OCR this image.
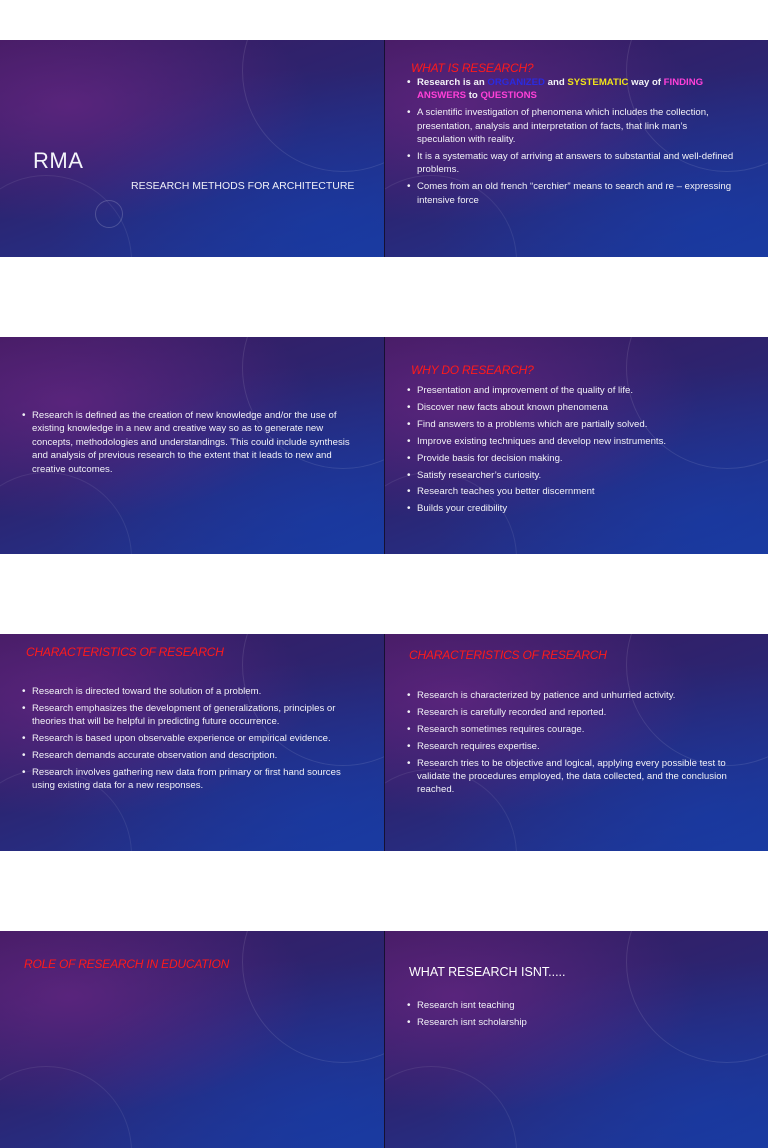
RMA
RESEARCH METHODS FOR ARCHITECTURE
WHAT IS RESEARCH?
• Research is an ORGANIZED and SYSTEMATIC way of FINDING ANSWERS to QUESTIONS
• A scientific investigation of phenomena which includes the collection, presentation, analysis and interpretation of facts, that link man’s speculation with reality.
• It is a systematic way of arriving at answers to substantial and well-defined problems.
• Comes from an old french “cerchier” means to search and re – expressing intensive force
• Research is defined as the creation of new knowledge and/or the use of existing knowledge in a new and creative way so as to generate new concepts, methodologies and understandings. This could include synthesis and analysis of previous research to the extent that it leads to new and creative outcomes.
WHY DO RESEARCH?
• Presentation and improvement of the quality of life.
• Discover new facts about known phenomena
• Find answers to a problems which are partially solved.
• Improve existing techniques and develop new instruments.
• Provide basis for decision making.
• Satisfy researcher’s curiosity.
• Research teaches you better discernment
• Builds your credibility
CHARACTERISTICS OF RESEARCH
• Research is directed toward the solution of a problem.
• Research emphasizes the development of generalizations, principles or theories that will be helpful in predicting future occurrence.
• Research is based upon observable experience or empirical evidence.
• Research demands accurate observation and description.
• Research involves gathering new data from primary or first hand sources using existing data for a new responses.
CHARACTERISTICS OF RESEARCH
• Research is characterized by patience and unhurried activity.
• Research is carefully recorded and reported.
• Research sometimes requires courage.
• Research requires expertise.
• Research tries to be objective and logical, applying every possible test to validate the procedures employed, the data collected, and the conclusion reached.
ROLE OF RESEARCH IN EDUCATION
WHAT RESEARCH ISNT.....
• Research isnt teaching
• Research isnt scholarship
